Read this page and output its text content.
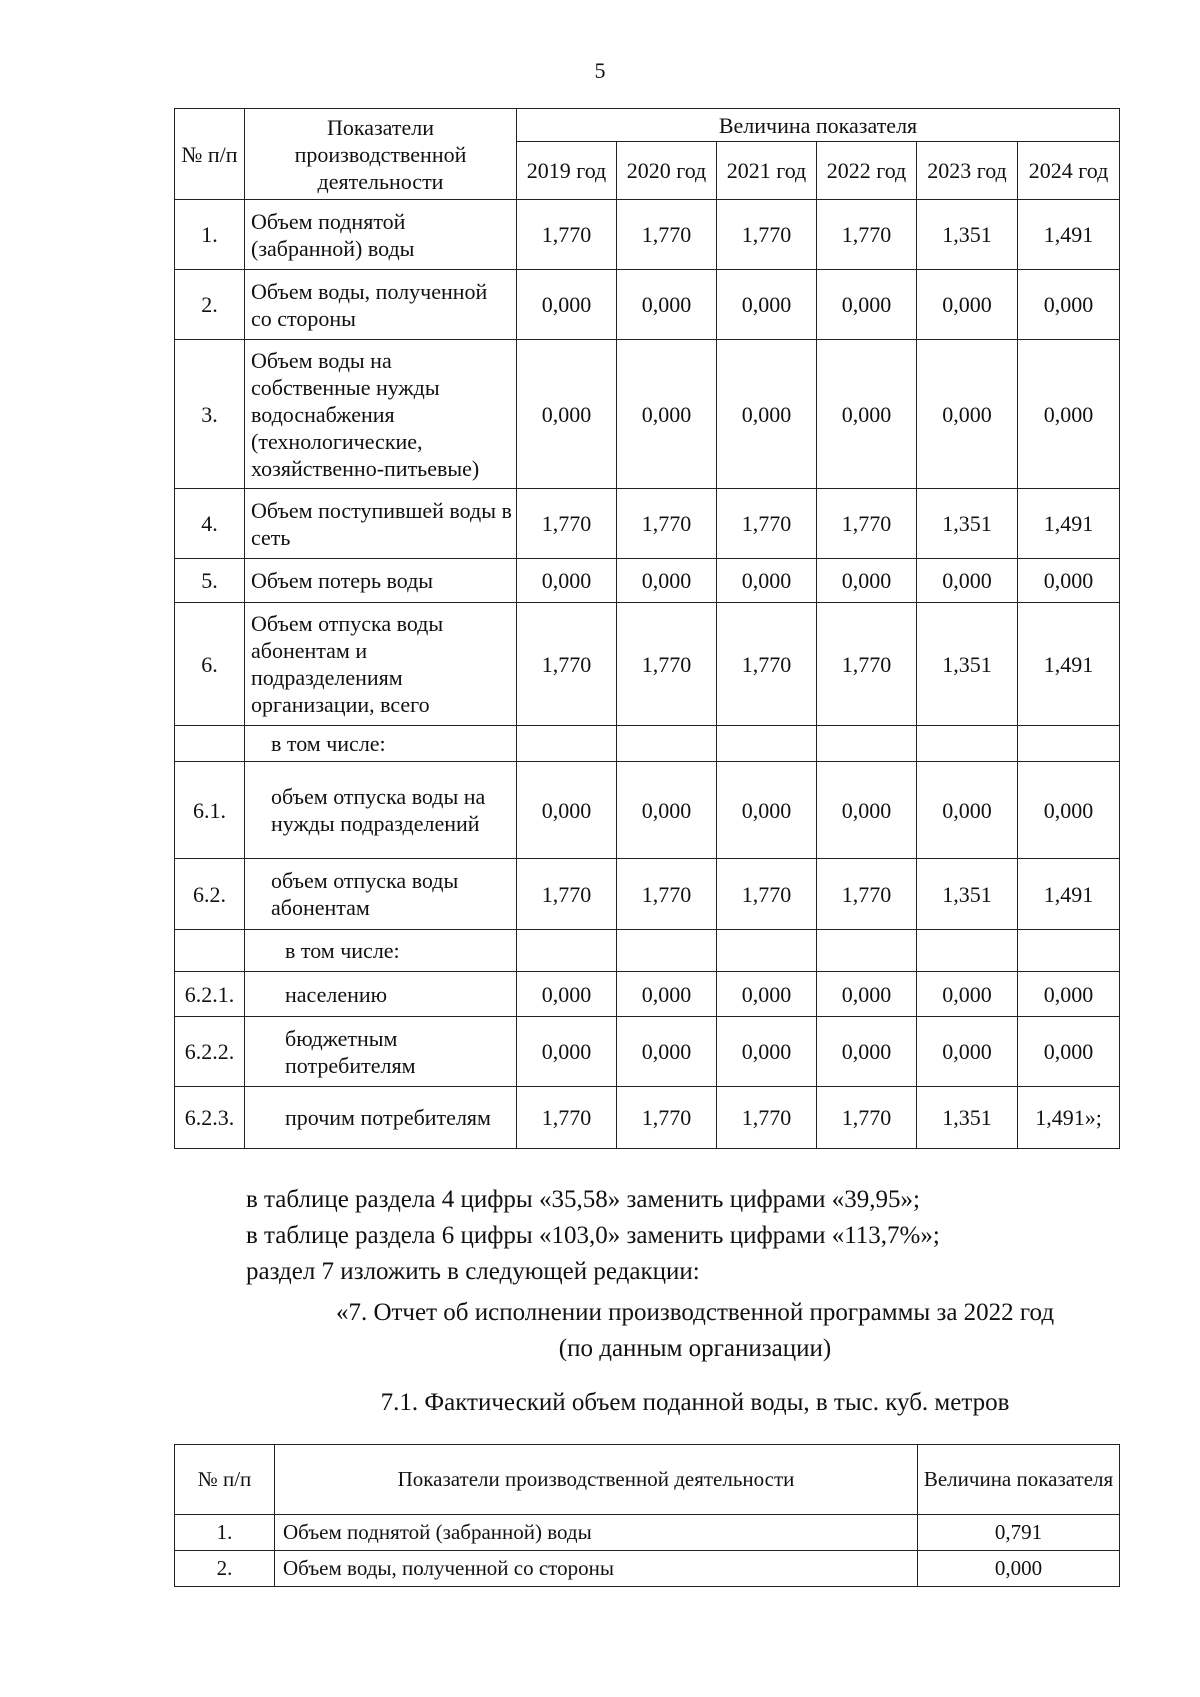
5
№ п/п	Показатели производственной деятельности	Величина показателя					
		2019 год	2020 год	2021 год	2022 год	2023 год	2024 год
1.	Объем поднятой (забранной) воды	1,770	1,770	1,770	1,770	1,351	1,491
2.	Объем воды, полученной со стороны	0,000	0,000	0,000	0,000	0,000	0,000
3.	Объем воды на собственные нужды водоснабжения (технологические, хозяйственно-питьевые)	0,000	0,000	0,000	0,000	0,000	0,000
4.	Объем поступившей воды в сеть	1,770	1,770	1,770	1,770	1,351	1,491
5.	Объем потерь воды	0,000	0,000	0,000	0,000	0,000	0,000
6.	Объем отпуска воды абонентам и подразделениям организации, всего	1,770	1,770	1,770	1,770	1,351	1,491
	в том числе:						
6.1.	объем отпуска воды на нужды подразделений	0,000	0,000	0,000	0,000	0,000	0,000
6.2.	объем отпуска воды абонентам	1,770	1,770	1,770	1,770	1,351	1,491
	в том числе:						
6.2.1.	населению	0,000	0,000	0,000	0,000	0,000	0,000
6.2.2.	бюджетным потребителям	0,000	0,000	0,000	0,000	0,000	0,000
6.2.3.	прочим потребителям	1,770	1,770	1,770	1,770	1,351	1,491»;

в таблице раздела 4 цифры «35,58» заменить цифрами «39,95»;

в таблице раздела 6 цифры «103,0» заменить цифрами «113,7%»;

раздел 7 изложить в следующей редакции:

«7. Отчет об исполнении производственной программы за 2022 год
(по данным организации)
7.1. Фактический объем поданной воды, в тыс. куб. метров
№ п/п	Показатели производственной деятельности	Величина показателя
1.	Объем поднятой (забранной) воды	0,791
2.	Объем воды, полученной со стороны	0,000
